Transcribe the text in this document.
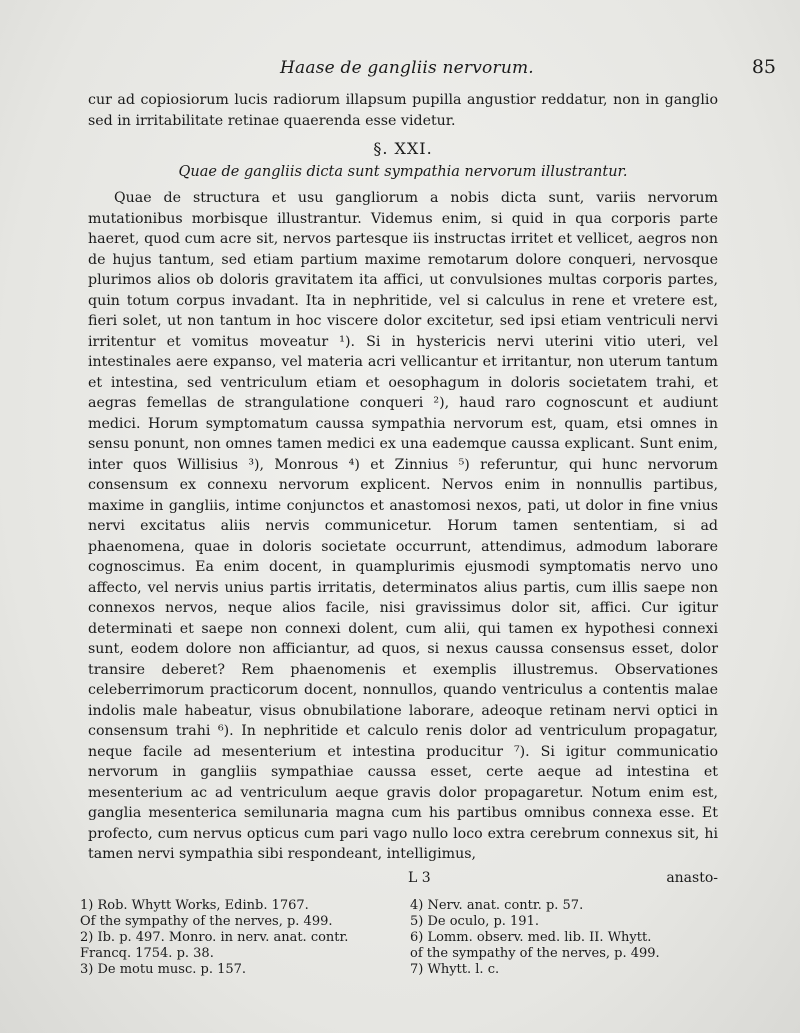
Haase de gangliis nervorum.	85

cur ad copiosiorum lucis radiorum illapsum pupilla angustior reddatur, non in ganglio sed in irritabilitate retinae quaerenda esse videtur.

§. XXI.
Quae de gangliis dicta sunt sympathia nervorum illustrantur.

Quae de structura et usu gangliorum a nobis dicta sunt, variis nervorum mutationibus morbisque illustrantur. Videmus enim, si quid in qua corporis parte haeret, quod cum acre sit, nervos partesque iis instructas irritet et vellicet, aegros non de hujus tantum, sed etiam partium maxime remotarum dolore conqueri, nervosque plurimos alios ob doloris gravitatem ita affici, ut convulsiones multas corporis partes, quin totum corpus invadant. Ita in nephritide, vel si calculus in rene et vretere est, fieri solet, ut non tantum in hoc viscere dolor excitetur, sed ipsi etiam ventriculi nervi irritentur et vomitus moveatur ¹). Si in hystericis nervi uterini vitio uteri, vel intestinales aere expanso, vel materia acri vellicantur et irritantur, non uterum tantum et intestina, sed ventriculum etiam et oesophagum in doloris societatem trahi, et aegras femellas de strangulatione conqueri ²), haud raro cognoscunt et audiunt medici. Horum symptomatum caussa sympathia nervorum est, quam, etsi omnes in sensu ponunt, non omnes tamen medici ex una eademque caussa explicant. Sunt enim, inter quos Willisius ³), Monrous ⁴) et Zinnius ⁵) referuntur, qui hunc nervorum consensum ex connexu nervorum explicent. Nervos enim in nonnullis partibus, maxime in gangliis, intime conjunctos et anastomosi nexos, pati, ut dolor in fine vnius nervi excitatus aliis nervis communicetur. Horum tamen sententiam, si ad phaenomena, quae in doloris societate occurrunt, attendimus, admodum laborare cognoscimus. Ea enim docent, in quamplurimis ejusmodi symptomatis nervo uno affecto, vel nervis unius partis irritatis, determinatos alius partis, cum illis saepe non connexos nervos, neque alios facile, nisi gravissimus dolor sit, affici. Cur igitur determinati et saepe non connexi dolent, cum alii, qui tamen ex hypothesi connexi sunt, eodem dolore non afficiantur, ad quos, si nexus caussa consensus esset, dolor transire deberet? Rem phaenomenis et exemplis illustremus. Observationes celeberrimorum practicorum docent, nonnullos, quando ventriculus a contentis malae indolis male habeatur, visus obnubilatione laborare, adeoque retinam nervi optici in consensum trahi ⁶). In nephritide et calculo renis dolor ad ventriculum propagatur, neque facile ad mesenterium et intestina producitur ⁷). Si igitur communicatio nervorum in gangliis sympathiae caussa esset, certe aeque ad intestina et mesenterium ac ad ventriculum aeque gravis dolor propagaretur. Notum enim est, ganglia mesenterica semilunaria magna cum his partibus omnibus connexa esse. Et profecto, cum nervus opticus cum pari vago nullo loco extra cerebrum connexus sit, hi tamen nervi sympathia sibi respondeant, intelligimus,

L 3	anasto-
1) Rob. Whytt Works, Edinb. 1767.
Of the sympathy of the nerves, p. 499.
2) Ib. p. 497. Monro. in nerv. anat. contr.
Francq. 1754. p. 38.
3) De motu musc. p. 157.
4) Nerv. anat. contr. p. 57.
5) De oculo, p. 191.
6) Lomm. observ. med. lib. II. Whytt.
of the sympathy of the nerves, p. 499.
7) Whytt. l. c.
